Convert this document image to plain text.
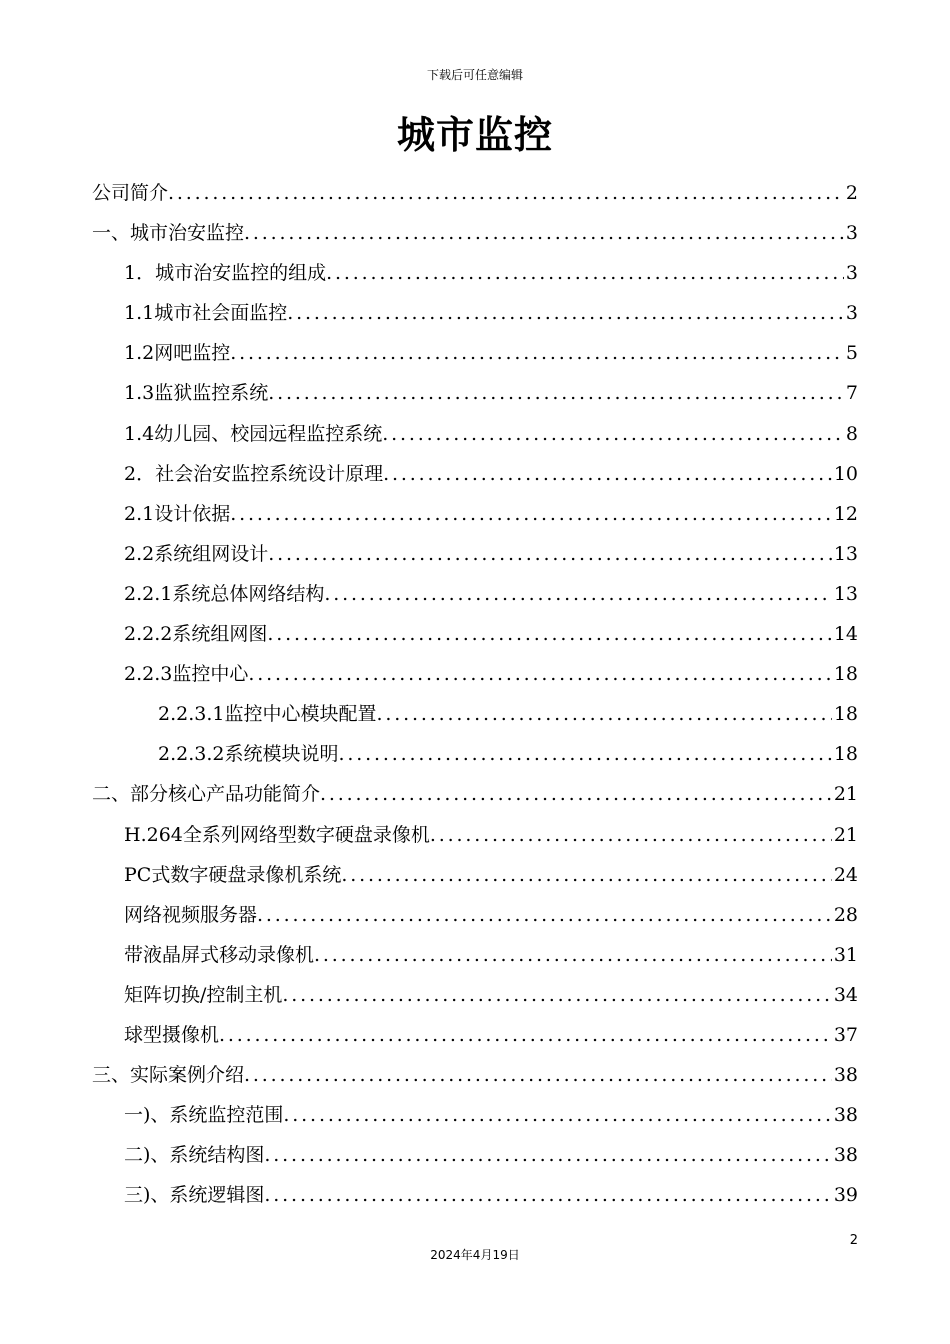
下载后可任意编辑
城市监控
公司简介 . . .	2
一、城市治安监控 . . .	3
1．城市治安监控的组成 . . .	3
1.1城市社会面监控 . . .	3
1.2网吧监控 . . .	5
1.3监狱监控系统 . . .	7
1.4幼儿园、校园远程监控系统 . . .	8
2．社会治安监控系统设计原理 . . .	10
2.1设计依据 . . .	12
2.2系统组网设计 . . .	13
2.2.1系统总体网络结构 . . .	13
2.2.2系统组网图 . . .	14
2.2.3监控中心 . . .	18
2.2.3.1监控中心模块配置 . . .	18
2.2.3.2系统模块说明 . . .	18
二、部分核心产品功能简介 . . .	21
H.264全系列网络型数字硬盘录像机 . . .	21
PC式数字硬盘录像机系统 . . .	24
网络视频服务器 . . .	28
带液晶屏式移动录像机 . . .	31
矩阵切换/控制主机 . . .	34
球型摄像机 . . .	37
三、实际案例介绍 . . .	38
一)、系统监控范围 . . .	38
二)、系统结构图 . . .	38
三)、系统逻辑图 . . .	39
2
2024年4月19日
